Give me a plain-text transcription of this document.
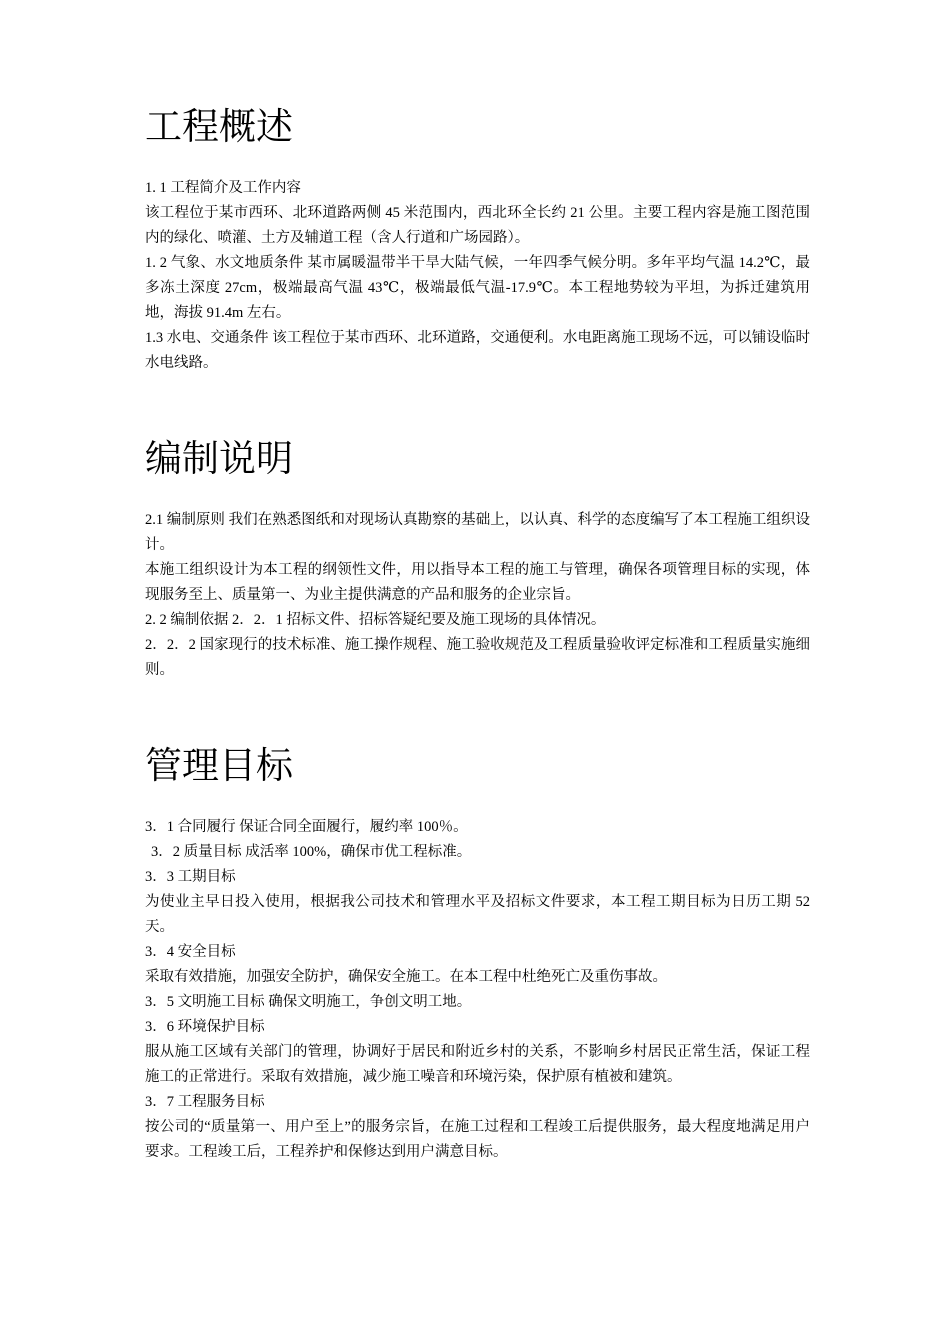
工程概述

1. 1 工程简介及工作内容

该工程位于某市西环、北环道路两侧 45 米范围内，西北环全长约 21 公里。主要工程内容是施工图范围内的绿化、喷灌、土方及辅道工程（含人行道和广场园路）。

1. 2 气象、水文地质条件 某市属暖温带半干旱大陆气候，一年四季气候分明。多年平均气温 14.2℃，最多冻土深度 27cm，极端最高气温 43℃，极端最低气温-17.9℃。本工程地势较为平坦，为拆迁建筑用地，海拔 91.4m 左右。

1.3 水电、交通条件 该工程位于某市西环、北环道路，交通便利。水电距离施工现场不远，可以铺设临时水电线路。

编制说明

2.1 编制原则 我们在熟悉图纸和对现场认真勘察的基础上，以认真、科学的态度编写了本工程施工组织设计。

本施工组织设计为本工程的纲领性文件，用以指导本工程的施工与管理，确保各项管理目标的实现，体现服务至上、质量第一、为业主提供满意的产品和服务的企业宗旨。

2. 2 编制依据 2．2．1 招标文件、招标答疑纪要及施工现场的具体情况。

2．2．2 国家现行的技术标准、施工操作规程、施工验收规范及工程质量验收评定标准和工程质量实施细则。

管理目标

3．1 合同履行 保证合同全面履行，履约率 100％。

3．2 质量目标 成活率 100%，确保市优工程标准。

3．3 工期目标

为使业主早日投入使用，根据我公司技术和管理水平及招标文件要求，本工程工期目标为日历工期 52 天。

3．4 安全目标

采取有效措施，加强安全防护，确保安全施工。在本工程中杜绝死亡及重伤事故。

3．5 文明施工目标 确保文明施工，争创文明工地。

3．6 环境保护目标

服从施工区域有关部门的管理，协调好于居民和附近乡村的关系，不影响乡村居民正常生活，保证工程施工的正常进行。采取有效措施，减少施工噪音和环境污染，保护原有植被和建筑。

3．7 工程服务目标

按公司的“质量第一、用户至上”的服务宗旨，在施工过程和工程竣工后提供服务，最大程度地满足用户要求。工程竣工后，工程养护和保修达到用户满意目标。
